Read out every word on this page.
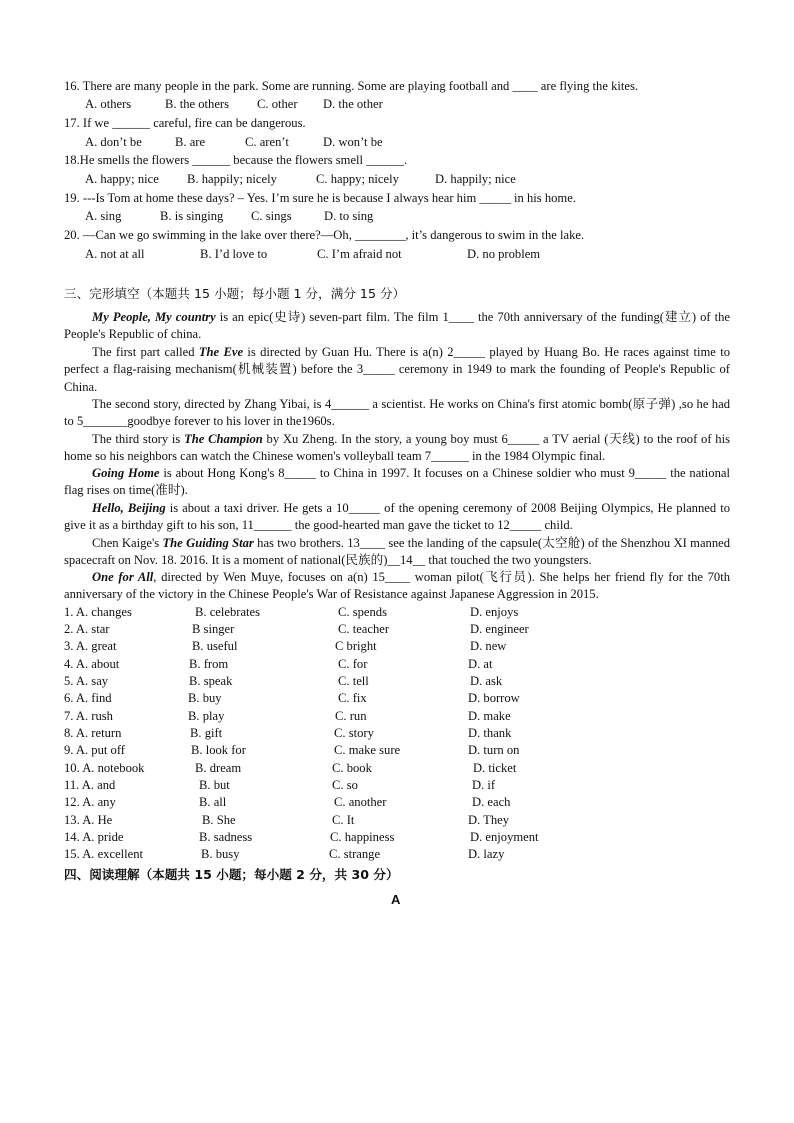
16. There are many people in the park. Some are running. Some are playing football and ____ are flying the kites.
A. others	B. the others C. other D. the other
17. If we ______ careful, fire can be dangerous.
A. don’t be	B. are	C. aren’t	D. won’t be
18.He smells the flowers ______ because the flowers smell ______.
A. happy; nice B. happily; nicely	C. happy; nicely	D. happily; nice
19. ---Is Tom at home these days? – Yes. I’m sure he is because I always hear him _____ in his home.
A. sing	B. is singing C. sings	D. to sing
20. —Can we go swimming in the lake over there?—Oh, ________, it’s dangerous to swim in the lake.
A. not at all	B. I’d love to	C. I’m afraid not	D. no problem
三、完形填空（本题共 15 小题；每小题 1 分，满分 15 分）
My People, My country is an epic(史诗) seven-part film. The film 1____ the 70th anniversary of the funding(建立) of the People's Republic of china.
The first part called The Eve is directed by Guan Hu. There is a(n) 2_____ played by Huang Bo. He races against time to perfect a flag-raising mechanism(机械装置) before the 3_____ ceremony in 1949 to mark the founding of People's Republic of China.
The second story, directed by Zhang Yibai, is 4______ a scientist. He works on China's first atomic bomb(原子弹) ,so he had to 5_______goodbye forever to his lover in the1960s.
The third story is The Champion by Xu Zheng. In the story, a young boy must 6_____ a TV aerial (天线) to the roof of his home so his neighbors can watch the Chinese women's volleyball team 7______ in the 1984 Olympic final.
Going Home is about Hong Kong's 8_____ to China in 1997. It focuses on a Chinese soldier who must 9_____ the national flag rises on time(准时).
Hello, Beijing is about a taxi driver. He gets a 10_____ of the opening ceremony of 2008 Beijing Olympics, He planned to give it as a birthday gift to his son, 11______ the good-hearted man gave the ticket to 12_____ child.
Chen Kaige's The Guiding Star has two brothers. 13____ see the landing of the capsule(太空舱) of the Shenzhou XI manned spacecraft on Nov. 18. 2016. It is a moment of national(民族的)__14__ that touched the two youngsters.
One for All, directed by Wen Muye, focuses on a(n) 15____ woman pilot(飞行员). She helps her friend fly for the 70th anniversary of the victory in the Chinese People's War of Resistance against Japanese Aggression in 2015.
1. A. changes	B. celebrates	C. spends	D. enjoys
2. A. star	B singer	C. teacher	D. engineer
3. A. great	B. useful	C bright	D. new
4. A. about	B. from	C. for	D. at
5. A. say	B. speak	C. tell	D. ask
6. A. find	B. buy	C. fix	D. borrow
7. A. rush	B. play	C. run	D. make
8. A. return	B. gift	C. story	D. thank
9. A. put off	B. look for	C. make sure	D. turn on
10. A. notebook	B. dream	C. book	D. ticket
11. A. and	B. but	C. so	D. if
12. A. any	B. all	C. another	D. each
13. A. He	B. She	C. It	D. They
14. A. pride	B. sadness	C. happiness	D. enjoyment
15. A. excellent	B. busy	C. strange	D. lazy
四、阅读理解（本题共 15 小题；每小题 2 分，共 30 分）
A
